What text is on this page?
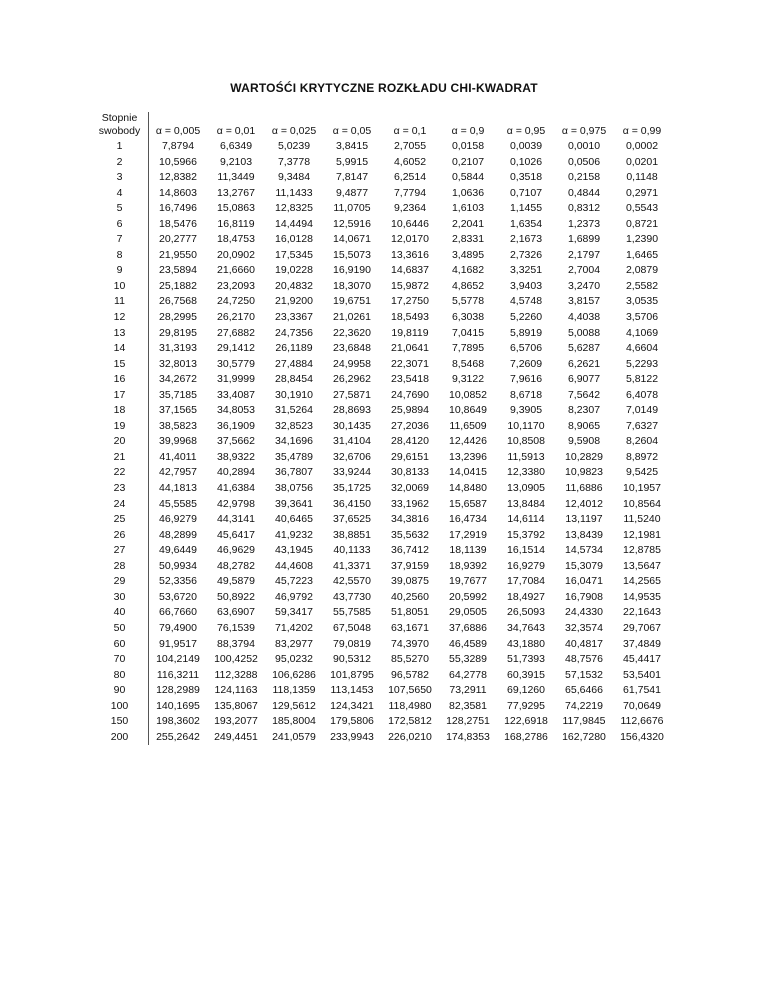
WARTOŚĆI KRYTYCZNE ROZKŁADU CHI-KWADRAT
Stopnie
swobody	α = 0,005	α = 0,01	α = 0,025	α = 0,05	α = 0,1	α = 0,9	α = 0,95	α = 0,975	α = 0,99
1	7,8794	6,6349	5,0239	3,8415	2,7055	0,0158	0,0039	0,0010	0,0002
2	10,5966	9,2103	7,3778	5,9915	4,6052	0,2107	0,1026	0,0506	0,0201
3	12,8382	11,3449	9,3484	7,8147	6,2514	0,5844	0,3518	0,2158	0,1148
4	14,8603	13,2767	11,1433	9,4877	7,7794	1,0636	0,7107	0,4844	0,2971
5	16,7496	15,0863	12,8325	11,0705	9,2364	1,6103	1,1455	0,8312	0,5543
6	18,5476	16,8119	14,4494	12,5916	10,6446	2,2041	1,6354	1,2373	0,8721
7	20,2777	18,4753	16,0128	14,0671	12,0170	2,8331	2,1673	1,6899	1,2390
8	21,9550	20,0902	17,5345	15,5073	13,3616	3,4895	2,7326	2,1797	1,6465
9	23,5894	21,6660	19,0228	16,9190	14,6837	4,1682	3,3251	2,7004	2,0879
10	25,1882	23,2093	20,4832	18,3070	15,9872	4,8652	3,9403	3,2470	2,5582
11	26,7568	24,7250	21,9200	19,6751	17,2750	5,5778	4,5748	3,8157	3,0535
12	28,2995	26,2170	23,3367	21,0261	18,5493	6,3038	5,2260	4,4038	3,5706
13	29,8195	27,6882	24,7356	22,3620	19,8119	7,0415	5,8919	5,0088	4,1069
14	31,3193	29,1412	26,1189	23,6848	21,0641	7,7895	6,5706	5,6287	4,6604
15	32,8013	30,5779	27,4884	24,9958	22,3071	8,5468	7,2609	6,2621	5,2293
16	34,2672	31,9999	28,8454	26,2962	23,5418	9,3122	7,9616	6,9077	5,8122
17	35,7185	33,4087	30,1910	27,5871	24,7690	10,0852	8,6718	7,5642	6,4078
18	37,1565	34,8053	31,5264	28,8693	25,9894	10,8649	9,3905	8,2307	7,0149
19	38,5823	36,1909	32,8523	30,1435	27,2036	11,6509	10,1170	8,9065	7,6327
20	39,9968	37,5662	34,1696	31,4104	28,4120	12,4426	10,8508	9,5908	8,2604
21	41,4011	38,9322	35,4789	32,6706	29,6151	13,2396	11,5913	10,2829	8,8972
22	42,7957	40,2894	36,7807	33,9244	30,8133	14,0415	12,3380	10,9823	9,5425
23	44,1813	41,6384	38,0756	35,1725	32,0069	14,8480	13,0905	11,6886	10,1957
24	45,5585	42,9798	39,3641	36,4150	33,1962	15,6587	13,8484	12,4012	10,8564
25	46,9279	44,3141	40,6465	37,6525	34,3816	16,4734	14,6114	13,1197	11,5240
26	48,2899	45,6417	41,9232	38,8851	35,5632	17,2919	15,3792	13,8439	12,1981
27	49,6449	46,9629	43,1945	40,1133	36,7412	18,1139	16,1514	14,5734	12,8785
28	50,9934	48,2782	44,4608	41,3371	37,9159	18,9392	16,9279	15,3079	13,5647
29	52,3356	49,5879	45,7223	42,5570	39,0875	19,7677	17,7084	16,0471	14,2565
30	53,6720	50,8922	46,9792	43,7730	40,2560	20,5992	18,4927	16,7908	14,9535
40	66,7660	63,6907	59,3417	55,7585	51,8051	29,0505	26,5093	24,4330	22,1643
50	79,4900	76,1539	71,4202	67,5048	63,1671	37,6886	34,7643	32,3574	29,7067
60	91,9517	88,3794	83,2977	79,0819	74,3970	46,4589	43,1880	40,4817	37,4849
70	104,2149	100,4252	95,0232	90,5312	85,5270	55,3289	51,7393	48,7576	45,4417
80	116,3211	112,3288	106,6286	101,8795	96,5782	64,2778	60,3915	57,1532	53,5401
90	128,2989	124,1163	118,1359	113,1453	107,5650	73,2911	69,1260	65,6466	61,7541
100	140,1695	135,8067	129,5612	124,3421	118,4980	82,3581	77,9295	74,2219	70,0649
150	198,3602	193,2077	185,8004	179,5806	172,5812	128,2751	122,6918	117,9845	112,6676
200	255,2642	249,4451	241,0579	233,9943	226,0210	174,8353	168,2786	162,7280	156,4320
